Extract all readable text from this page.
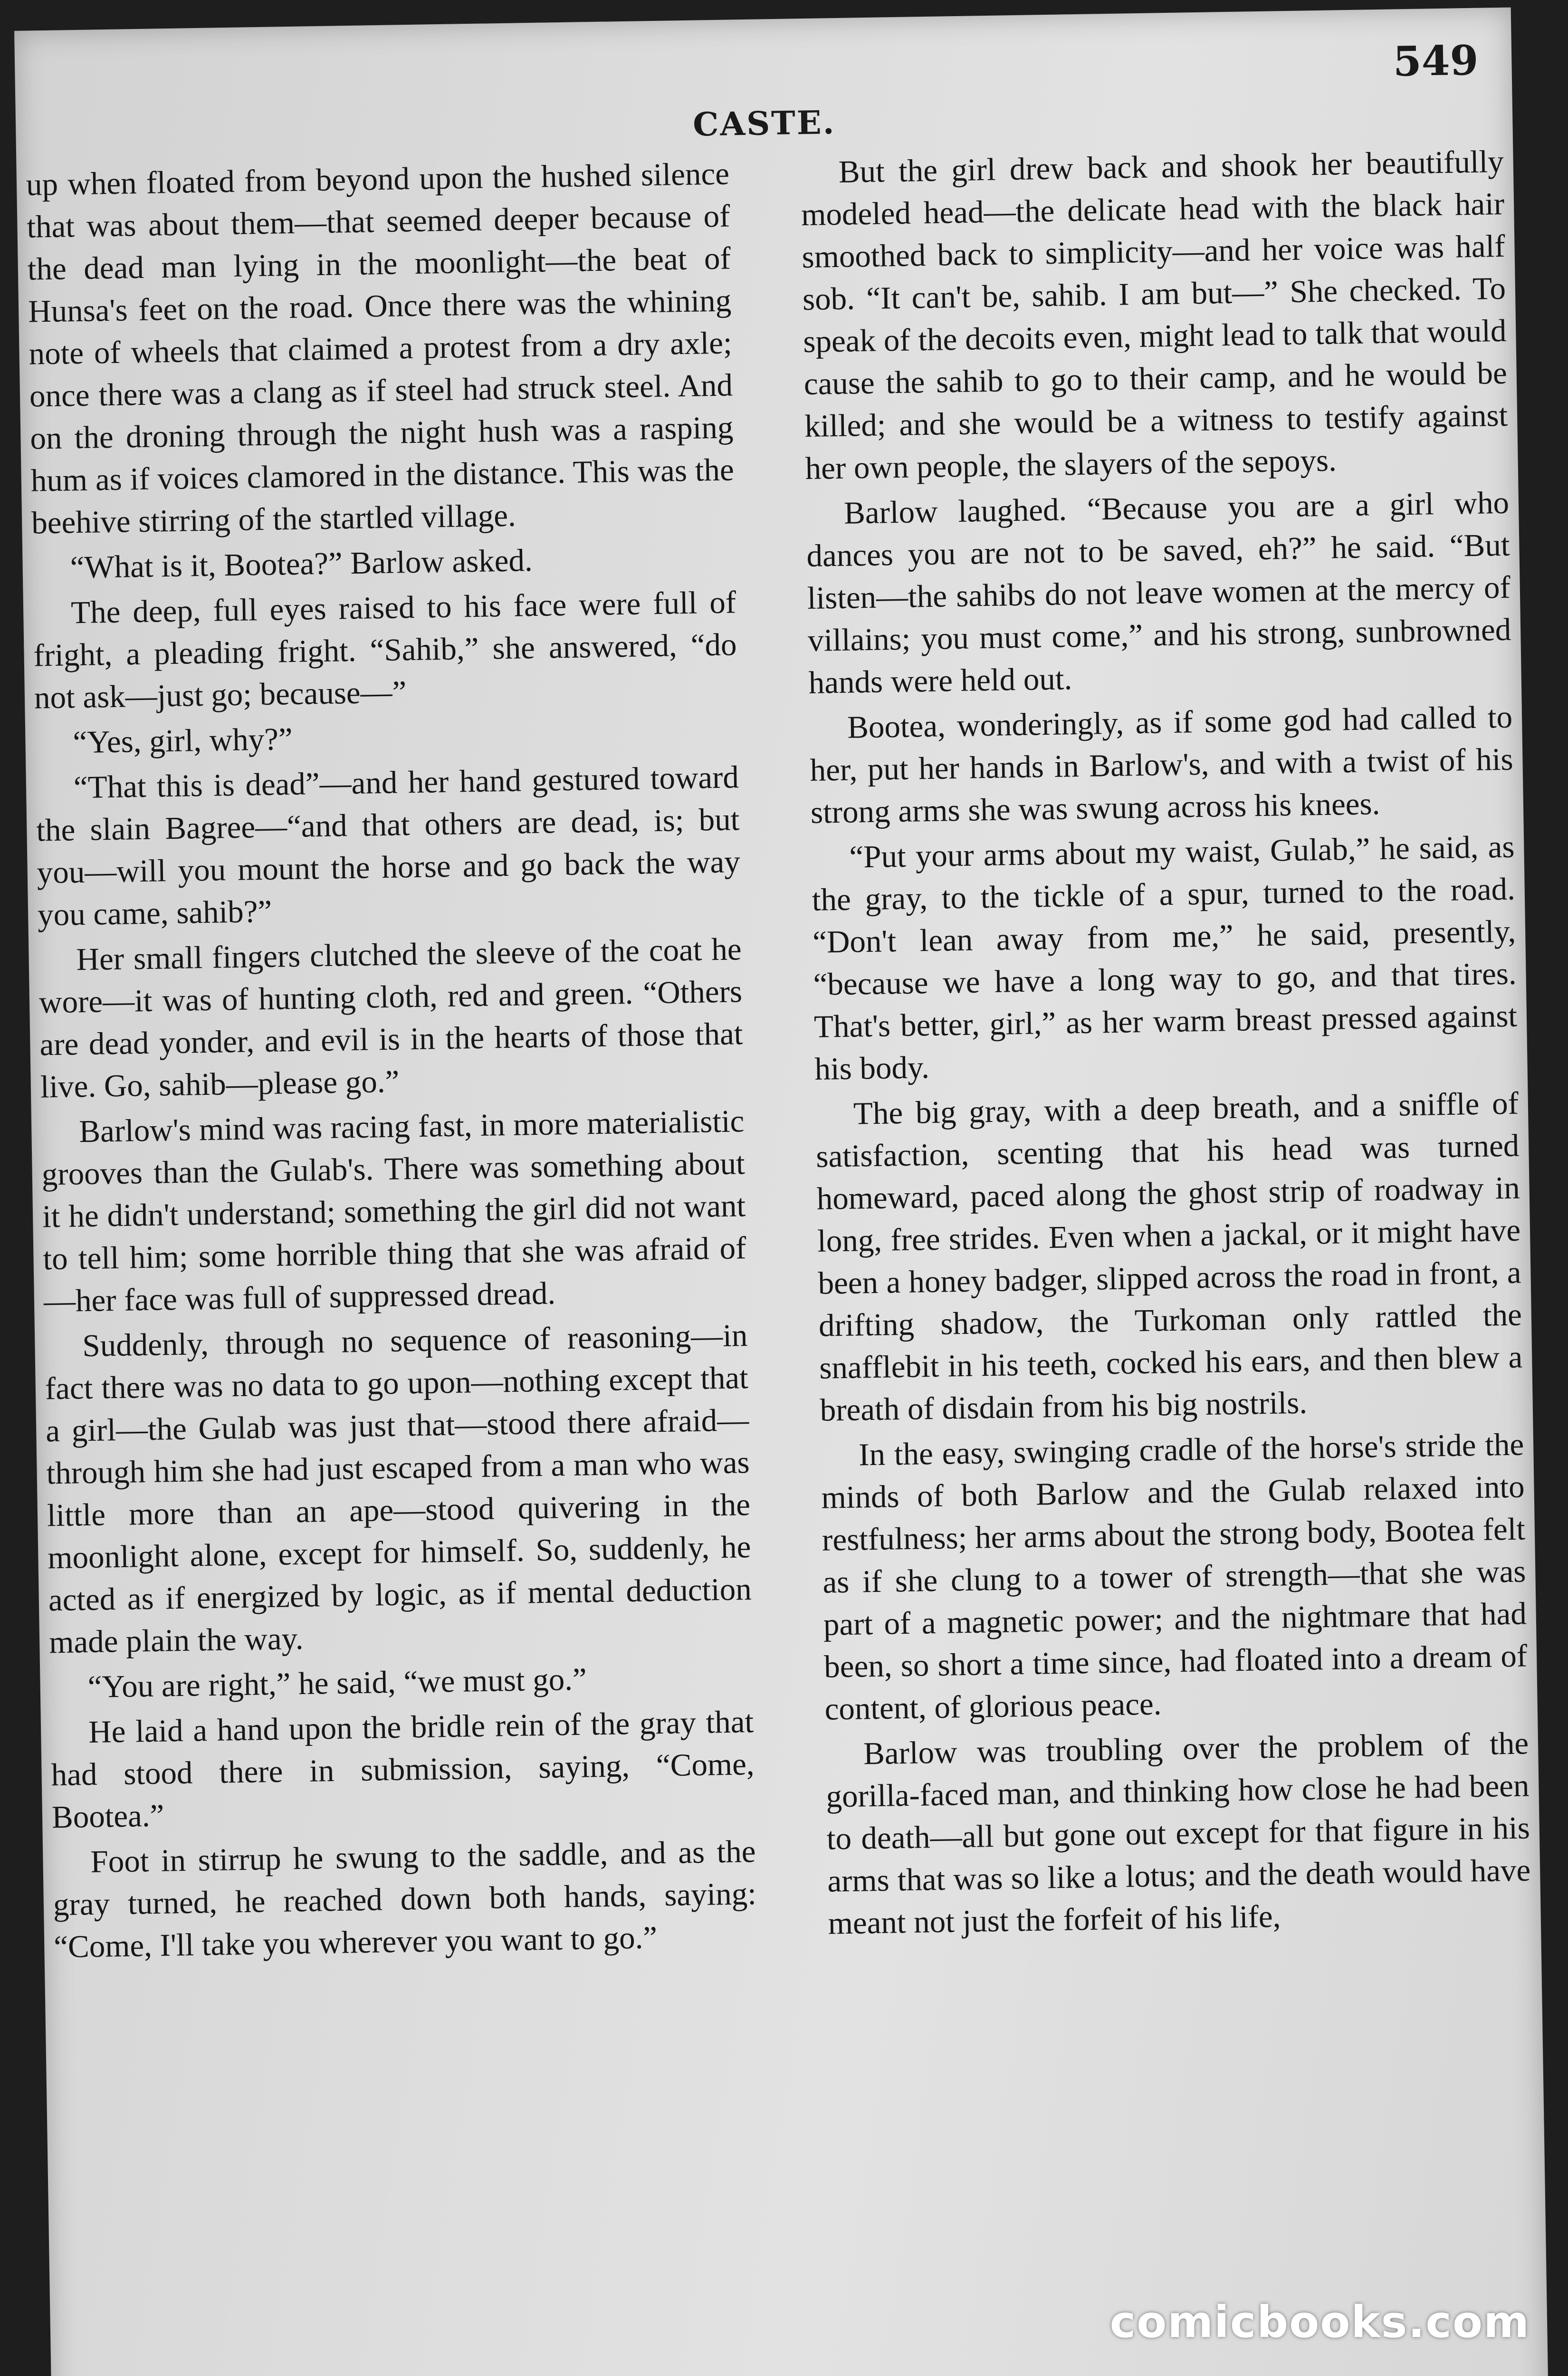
549
CASTE.

up when floated from beyond upon the hushed silence that was about them—that seemed deeper because of the dead man lying in the moonlight—the beat of Hunsa's feet on the road. Once there was the whining note of wheels that claimed a protest from a dry axle; once there was a clang as if steel had struck steel. And on the droning through the night hush was a rasping hum as if voices clamored in the distance. This was the beehive stirring of the startled village.

“What is it, Bootea?” Barlow asked.

The deep, full eyes raised to his face were full of fright, a pleading fright. “Sahib,” she answered, “do not ask—just go; because—”

“Yes, girl, why?”

“That this is dead”—and her hand gestured toward the slain Bagree—“and that others are dead, is; but you—will you mount the horse and go back the way you came, sahib?”

Her small fingers clutched the sleeve of the coat he wore—it was of hunting cloth, red and green. “Others are dead yonder, and evil is in the hearts of those that live. Go, sahib—please go.”

Barlow's mind was racing fast, in more materialistic grooves than the Gulab's. There was something about it he didn't understand; something the girl did not want to tell him; some horrible thing that she was afraid of—her face was full of suppressed dread.

Suddenly, through no sequence of reasoning—in fact there was no data to go upon—nothing except that a girl—the Gulab was just that—stood there afraid—through him she had just escaped from a man who was little more than an ape—stood quivering in the moonlight alone, except for himself. So, suddenly, he acted as if energized by logic, as if mental deduction made plain the way.

“You are right,” he said, “we must go.”

He laid a hand upon the bridle rein of the gray that had stood there in submission, saying, “Come, Bootea.”

Foot in stirrup he swung to the saddle, and as the gray turned, he reached down both hands, saying: “Come, I'll take you wherever you want to go.”

But the girl drew back and shook her beautifully modeled head—the delicate head with the black hair smoothed back to simplicity—and her voice was half sob. “It can't be, sahib. I am but—” She checked. To speak of the decoits even, might lead to talk that would cause the sahib to go to their camp, and he would be killed; and she would be a witness to testify against her own people, the slayers of the sepoys.

Barlow laughed. “Because you are a girl who dances you are not to be saved, eh?” he said. “But listen—the sahibs do not leave women at the mercy of villains; you must come,” and his strong, sunbrowned hands were held out.

Bootea, wonderingly, as if some god had called to her, put her hands in Barlow's, and with a twist of his strong arms she was swung across his knees.

“Put your arms about my waist, Gulab,” he said, as the gray, to the tickle of a spur, turned to the road. “Don't lean away from me,” he said, presently, “because we have a long way to go, and that tires. That's better, girl,” as her warm breast pressed against his body.

The big gray, with a deep breath, and a sniffle of satisfaction, scenting that his head was turned homeward, paced along the ghost strip of roadway in long, free strides. Even when a jackal, or it might have been a honey badger, slipped across the road in front, a drifting shadow, the Turkoman only rattled the snafflebit in his teeth, cocked his ears, and then blew a breath of disdain from his big nostrils.

In the easy, swinging cradle of the horse's stride the minds of both Barlow and the Gulab relaxed into restfulness; her arms about the strong body, Bootea felt as if she clung to a tower of strength—that she was part of a magnetic power; and the nightmare that had been, so short a time since, had floated into a dream of content, of glorious peace.

Barlow was troubling over the problem of the gorilla-faced man, and thinking how close he had been to death—all but gone out except for that figure in his arms that was so like a lotus; and the death would have meant not just the forfeit of his life,

comicbooks.com
